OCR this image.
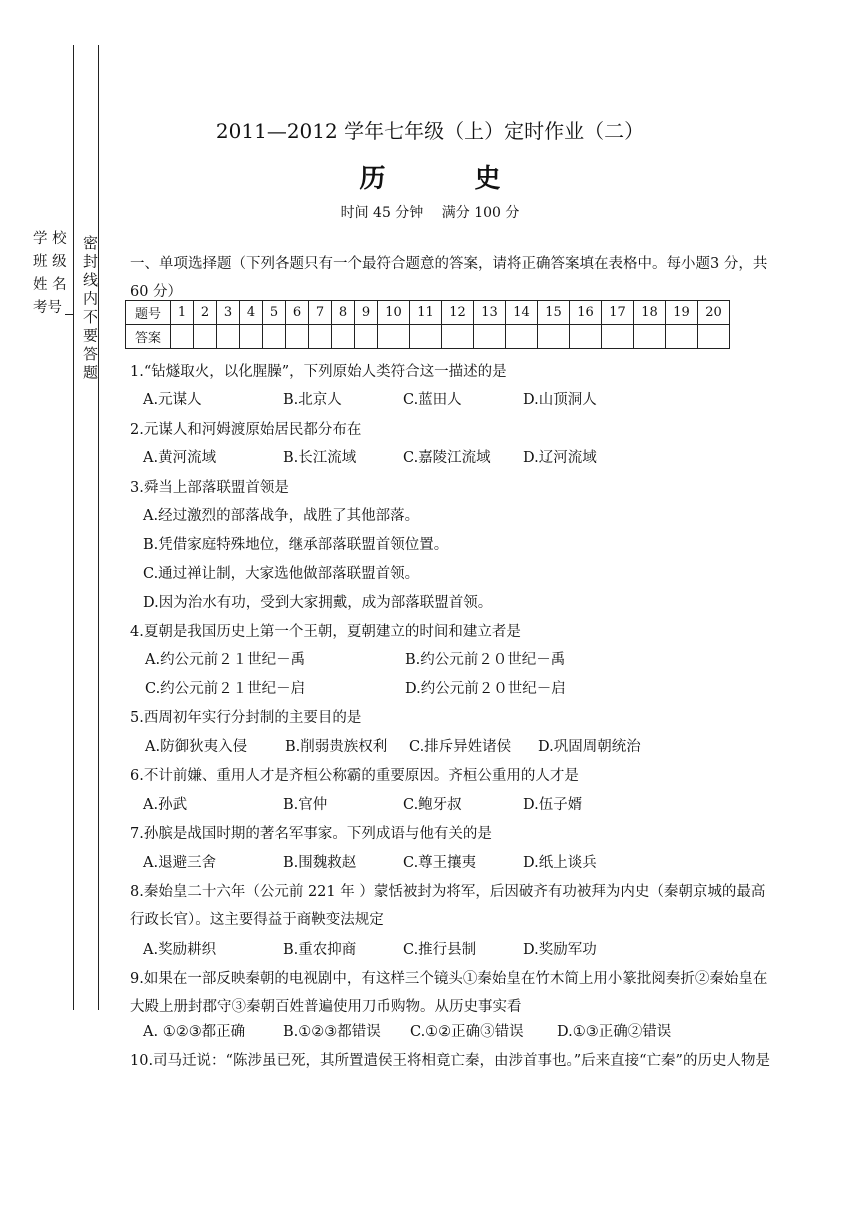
学 校
班 级
姓 名
考号 密封线内不要答题
2011—2012 学年七年级（上）定时作业（二）
历 史
时间 45 分钟 满分 100 分
一、单项选择题（下列各题只有一个最符合题意的答案，请将正确答案填在表格中。每小题3 分，共 60 分）
题号	1	2	3	4	5	6	7	8	9	10	11	12	13	14	15	16	17	18	19	20
答案																				
1.“钻燧取火，以化腥臊”，下列原始人类符合这一描述的是
A.元谋人	B.北京人	C.蓝田人	D.山顶洞人
2.元谋人和河姆渡原始居民都分布在
A.黄河流域	B.长江流域	C.嘉陵江流域 D.辽河流域
3.舜当上部落联盟首领是
A.经过激烈的部落战争，战胜了其他部落。
B.凭借家庭特殊地位，继承部落联盟首领位置。
C.通过禅让制，大家选他做部落联盟首领。
D.因为治水有功，受到大家拥戴，成为部落联盟首领。
4.夏朝是我国历史上第一个王朝，夏朝建立的时间和建立者是
A.约公元前２１世纪－禹	B.约公元前２０世纪－禹
C.约公元前２１世纪－启	D.约公元前２０世纪－启
5.西周初年实行分封制的主要目的是
A.防御狄夷入侵	B.削弱贵族权利 C.排斥异姓诸侯 D.巩固周朝统治
6.不计前嫌、重用人才是齐桓公称霸的重要原因。齐桓公重用的人才是
A.孙武	B.官仲	C.鲍牙叔	D.伍子婿
7.孙膑是战国时期的著名军事家。下列成语与他有关的是
A.退避三舍	B.围魏救赵	C.尊王攘夷	D.纸上谈兵
8.秦始皇二十六年（公元前 221 年 ）蒙恬被封为将军，后因破齐有功被拜为内史（秦朝京城的最高行政长官）。这主要得益于商鞅变法规定
A.奖励耕织	B.重农抑商	C.推行县制	D.奖励军功
9.如果在一部反映秦朝的电视剧中，有这样三个镜头①秦始皇在竹木简上用小篆批阅奏折②秦始皇在大殿上册封郡守③秦朝百姓普遍使用刀币购物。从历史事实看
A. ①②③都正确	B.①②③都错误 C.①②正确③错误 D.①③正确②错误
10.司马迁说：“陈涉虽已死，其所置遣侯王将相竟亡秦，由涉首事也。”后来直接“亡秦”的历史人物是
